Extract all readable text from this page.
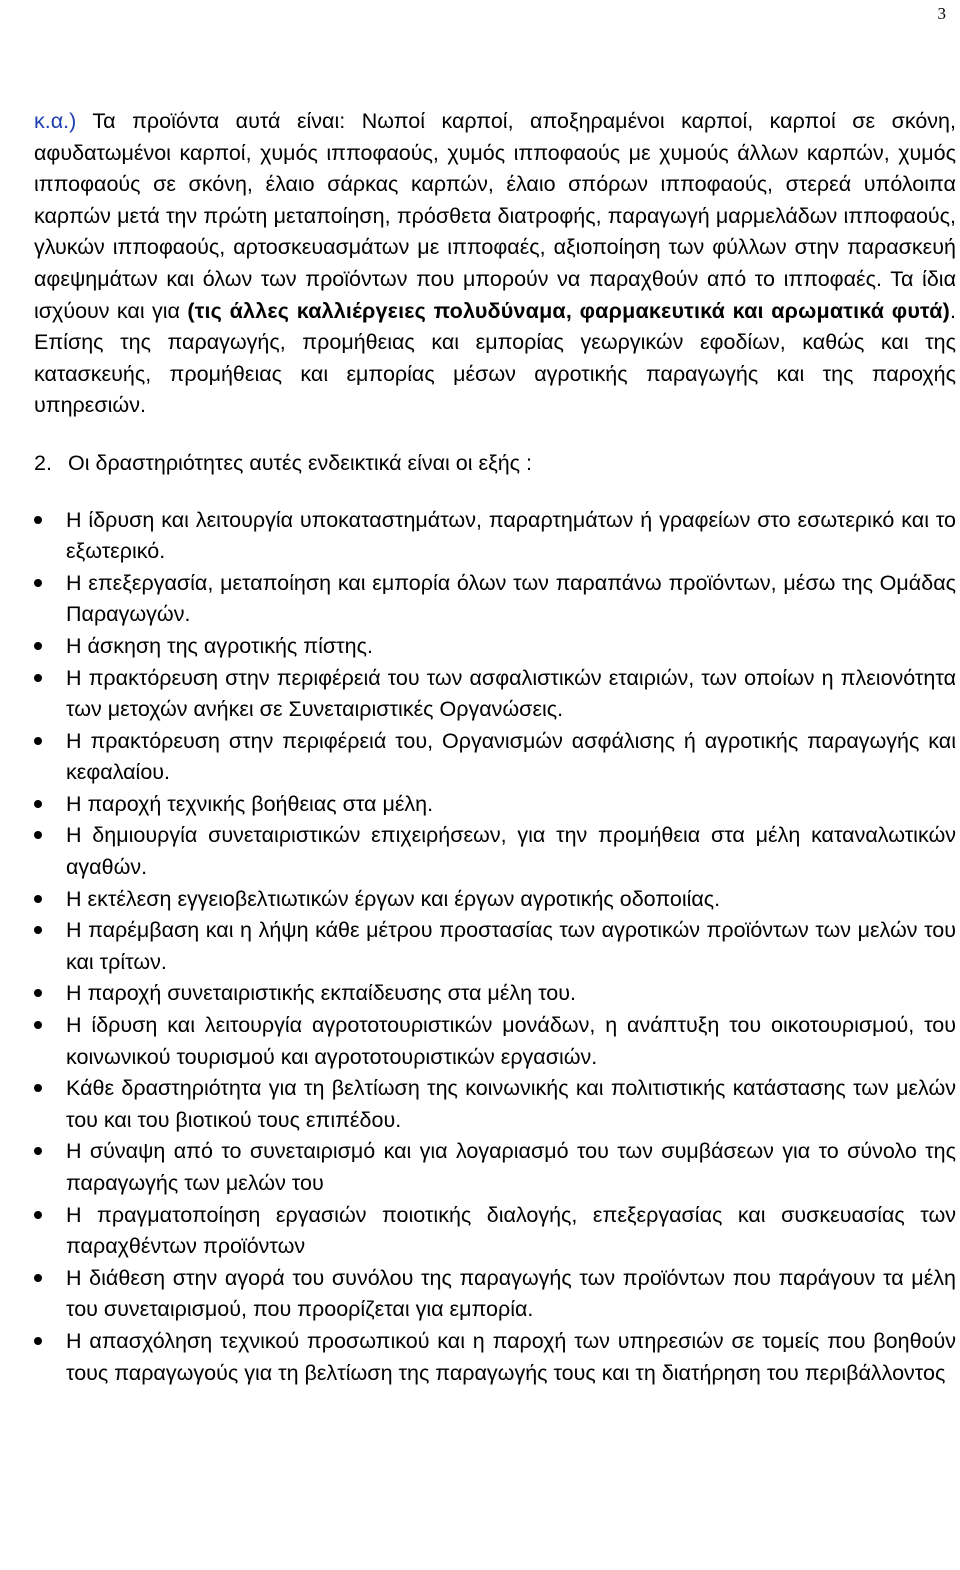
3

κ.α.) Τα προϊόντα αυτά είναι: Νωποί καρποί, αποξηραμένοι καρποί, καρποί σε σκόνη, αφυδατωμένοι καρποί, χυμός ιπποφαούς, χυμός ιπποφαούς με χυμούς άλλων καρπών, χυμός ιπποφαούς σε σκόνη, έλαιο σάρκας καρπών, έλαιο σπόρων ιπποφαούς, στερεά υπόλοιπα καρπών μετά την πρώτη μεταποίηση, πρόσθετα διατροφής, παραγωγή μαρμελάδων ιπποφαούς, γλυκών ιπποφαούς, αρτοσκευασμάτων με ιπποφαές, αξιοποίηση των φύλλων στην παρασκευή αφεψημάτων και όλων των προϊόντων που μπορούν να παραχθούν από το ιπποφαές. Τα ίδια ισχύουν και για (τις άλλες καλλιέργειες πολυδύναμα, φαρμακευτικά και αρωματικά φυτά). Επίσης της παραγωγής, προμήθειας και εμπορίας γεωργικών εφοδίων, καθώς και της κατασκευής, προμήθειας και εμπορίας μέσων αγροτικής παραγωγής και της παροχής υπηρεσιών.

2. Οι δραστηριότητες αυτές ενδεικτικά είναι οι εξής :
Η ίδρυση και λειτουργία υποκαταστημάτων, παραρτημάτων ή γραφείων στο εσωτερικό και το εξωτερικό.
Η επεξεργασία, μεταποίηση και εμπορία όλων των παραπάνω προϊόντων, μέσω της Ομάδας Παραγωγών.
Η άσκηση της αγροτικής πίστης.
Η πρακτόρευση στην περιφέρειά του των ασφαλιστικών εταιριών, των οποίων η πλειονότητα των μετοχών ανήκει σε Συνεταιριστικές Οργανώσεις.
Η πρακτόρευση στην περιφέρειά του, Οργανισμών ασφάλισης ή αγροτικής παραγωγής και κεφαλαίου.
Η παροχή τεχνικής βοήθειας στα μέλη.
Η δημιουργία συνεταιριστικών επιχειρήσεων, για την προμήθεια στα μέλη καταναλωτικών αγαθών.
Η εκτέλεση εγγειοβελτιωτικών έργων και έργων αγροτικής οδοποιίας.
Η παρέμβαση και η λήψη κάθε μέτρου προστασίας των αγροτικών προϊόντων των μελών του και τρίτων.
Η παροχή συνεταιριστικής εκπαίδευσης στα μέλη του.
Η ίδρυση και λειτουργία αγροτοτουριστικών μονάδων, η ανάπτυξη του οικοτουρισμού, του κοινωνικού τουρισμού και αγροτοτουριστικών εργασιών.
Κάθε δραστηριότητα για τη βελτίωση της κοινωνικής και πολιτιστικής κατάστασης των μελών του και του βιοτικού τους επιπέδου.
Η σύναψη από το συνεταιρισμό και για λογαριασμό του των συμβάσεων για το σύνολο της παραγωγής των μελών του
Η πραγματοποίηση εργασιών ποιοτικής διαλογής, επεξεργασίας και συσκευασίας των παραχθέντων προϊόντων
Η διάθεση στην αγορά του συνόλου της παραγωγής των προϊόντων που παράγουν τα μέλη του συνεταιρισμού, που προορίζεται για εμπορία.
Η απασχόληση τεχνικού προσωπικού και η παροχή των υπηρεσιών σε τομείς που βοηθούν τους παραγωγούς για τη βελτίωση της παραγωγής τους και τη διατήρηση του περιβάλλοντος
